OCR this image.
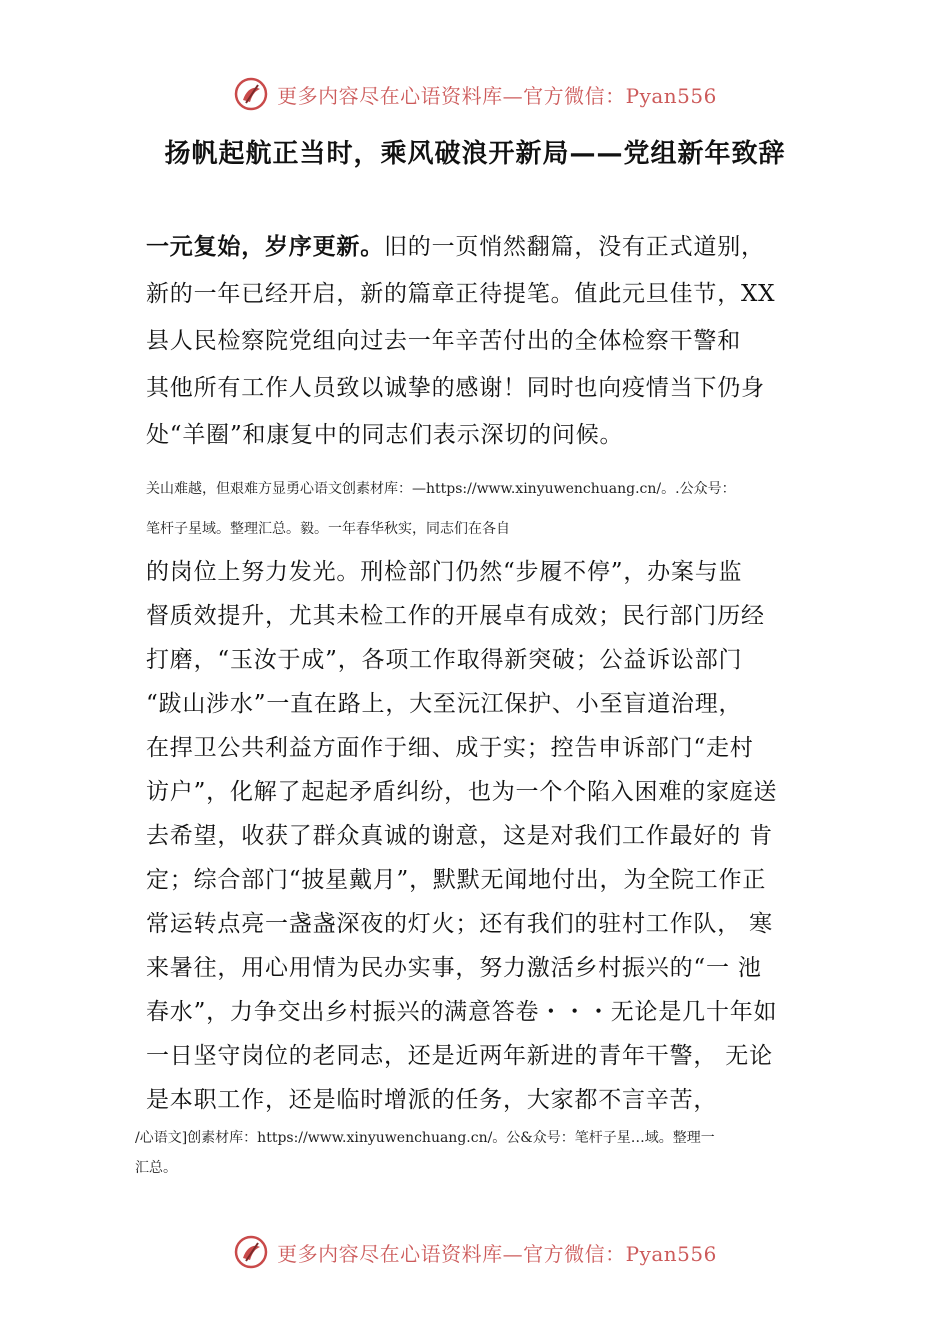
更多内容尽在心语资料库—官方微信：Pyan556
扬帆起航正当时，乘风破浪开新局——党组新年致辞
一元复始，岁序更新。旧的一页悄然翻篇，没有正式道别，
新的一年已经开启，新的篇章正待提笔。值此元旦佳节，XX
县人民检察院党组向过去一年辛苦付出的全体检察干警和
其他所有工作人员致以诚挚的感谢！同时也向疫情当下仍身
处“羊圈”和康复中的同志们表示深切的问候。
关山难越，但艰难方显勇心语文创素材库：—https://www.xinyuwenchuang.cn/。.公众号：
笔杆子星域。整理汇总。毅。一年春华秋实，同志们在各自
的岗位上努力发光。刑检部门仍然“步履不停”，办案与监
督质效提升，尤其未检工作的开展卓有成效；民行部门历经
打磨，“玉汝于成”，各项工作取得新突破；公益诉讼部门
“跋山涉水”一直在路上，大至沅江保护、小至盲道治理，
在捍卫公共利益方面作于细、成于实；控告申诉部门“走村
访户”，化解了起起矛盾纠纷，也为一个个陷入困难的家庭送
去希望，收获了群众真诚的谢意，这是对我们工作最好的 肯
定；综合部门“披星戴月”，默默无闻地付出，为全院工作正
常运转点亮一盏盏深夜的灯火；还有我们的驻村工作队， 寒
来暑往，用心用情为民办实事，努力激活乡村振兴的“一 池
春水”，力争交出乡村振兴的满意答卷・・・无论是几十年如
一日坚守岗位的老同志，还是近两年新进的青年干警， 无论
是本职工作，还是临时增派的任务，大家都不言辛苦，
/心语文]创素材库：https://www.xinyuwenchuang.cn/。公&众号：笔杆子星…域。整理一
汇总。
更多内容尽在心语资料库—官方微信：Pyan556
